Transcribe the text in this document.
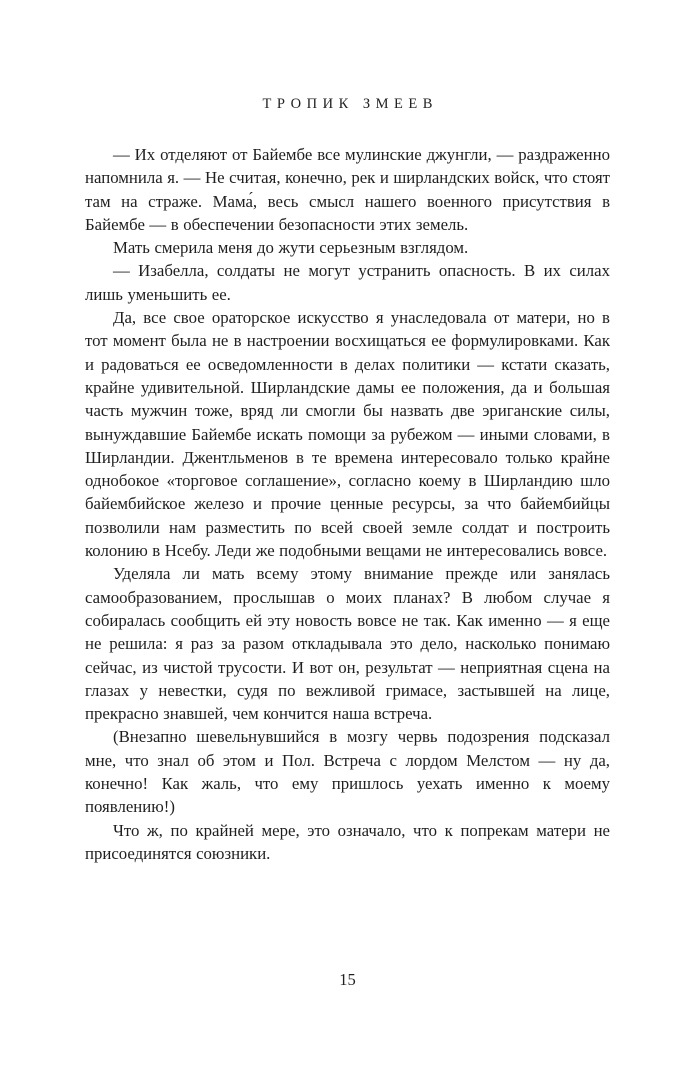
ТРОПИК ЗМЕЕВ

— Их отделяют от Байембе все мулинские джунгли, — раздраженно напомнила я. — Не считая, конечно, рек и ширландских войск, что стоят там на страже. Мама́, весь смысл нашего военного присутствия в Байембе — в обеспечении безопасности этих земель.

Мать смерила меня до жути серьезным взглядом.

— Изабелла, солдаты не могут устранить опасность. В их силах лишь уменьшить ее.

Да, все свое ораторское искусство я унаследовала от матери, но в тот момент была не в настроении восхищаться ее формулировками. Как и радоваться ее осведомленности в делах политики — кстати сказать, крайне удивительной. Ширландские дамы ее положения, да и большая часть мужчин тоже, вряд ли смогли бы назвать две эриганские силы, вынуждавшие Байембе искать помощи за рубежом — иными словами, в Ширландии. Джентльменов в те времена интересовало только крайне однобокое «торговое соглашение», согласно коему в Ширландию шло байембийское железо и прочие ценные ресурсы, за что байембийцы позволили нам разместить по всей своей земле солдат и построить колонию в Нсебу. Леди же подобными вещами не интересовались вовсе.

Уделяла ли мать всему этому внимание прежде или занялась самообразованием, прослышав о моих планах? В любом случае я собиралась сообщить ей эту новость вовсе не так. Как именно — я еще не решила: я раз за разом откладывала это дело, насколько понимаю сейчас, из чистой трусости. И вот он, результат — неприятная сцена на глазах у невестки, судя по вежливой гримасе, застывшей на лице, прекрасно знавшей, чем кончится наша встреча.

(Внезапно шевельнувшийся в мозгу червь подозрения подсказал мне, что знал об этом и Пол. Встреча с лордом Мелстом — ну да, конечно! Как жаль, что ему пришлось уехать именно к моему появлению!)

Что ж, по крайней мере, это означало, что к попрекам матери не присоединятся союзники.

15
